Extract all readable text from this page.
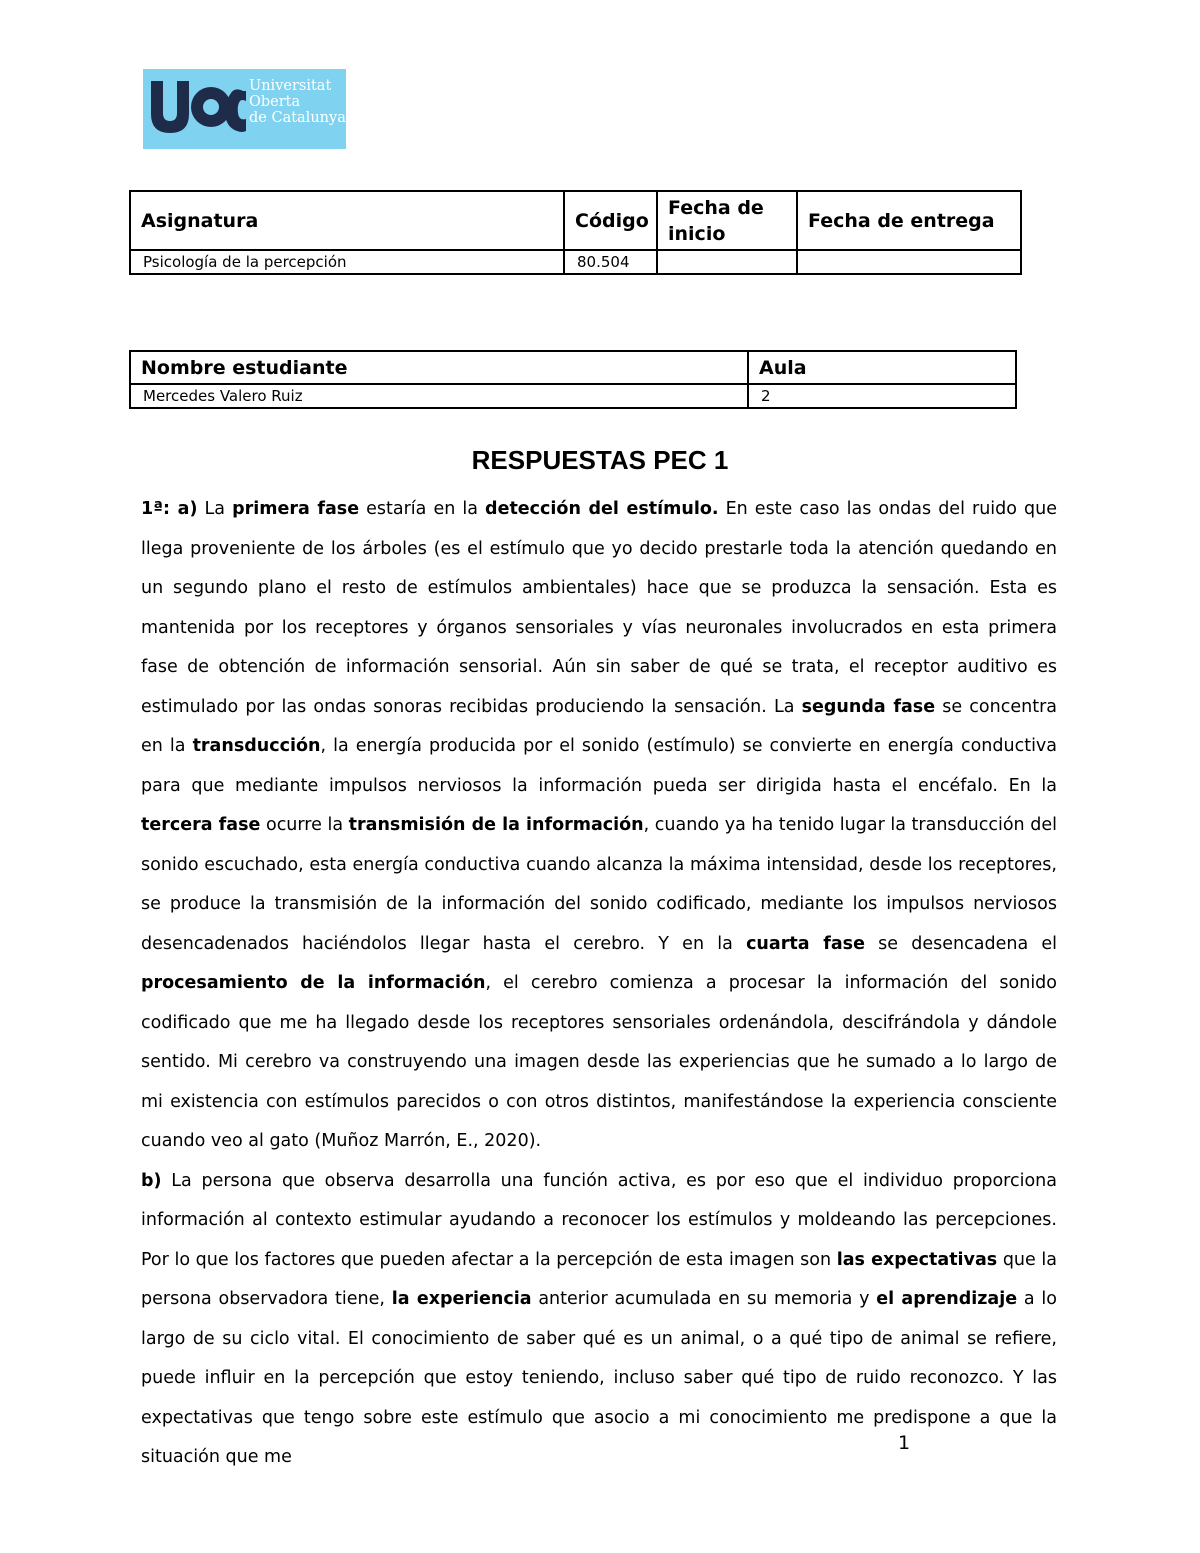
Universitat
Oberta
de Catalunya
Asignatura	Código	Fecha de inicio	Fecha de entrega
Psicología de la percepción	80.504		
Nombre estudiante	Aula
Mercedes Valero Ruiz	2
RESPUESTAS PEC 1

1ª: a) La primera fase estaría en la detección del estímulo. En este caso las ondas del ruido que llega proveniente de los árboles (es el estímulo que yo decido prestarle toda la atención quedando en un segundo plano el resto de estímulos ambientales) hace que se produzca la sensación. Esta es mantenida por los receptores y órganos sensoriales y vías neuronales involucrados en esta primera fase de obtención de información sensorial. Aún sin saber de qué se trata, el receptor auditivo es estimulado por las ondas sonoras recibidas produciendo la sensación. La segunda fase se concentra en la transducción, la energía producida por el sonido (estímulo) se convierte en energía conductiva para que mediante impulsos nerviosos la información pueda ser dirigida hasta el encéfalo. En la tercera fase ocurre la transmisión de la información, cuando ya ha tenido lugar la transducción del sonido escuchado, esta energía conductiva cuando alcanza la máxima intensidad, desde los receptores, se produce la transmisión de la información del sonido codificado, mediante los impulsos nerviosos desencadenados haciéndolos llegar hasta el cerebro. Y en la cuarta fase se desencadena el procesamiento de la información, el cerebro comienza a procesar la información del sonido codificado que me ha llegado desde los receptores sensoriales ordenándola, descifrándola y dándole sentido. Mi cerebro va construyendo una imagen desde las experiencias que he sumado a lo largo de mi existencia con estímulos parecidos o con otros distintos, manifestándose la experiencia consciente cuando veo al gato (Muñoz Marrón, E., 2020).

b) La persona que observa desarrolla una función activa, es por eso que el individuo proporciona información al contexto estimular ayudando a reconocer los estímulos y moldeando las percepciones. Por lo que los factores que pueden afectar a la percepción de esta imagen son las expectativas que la persona observadora tiene, la experiencia anterior acumulada en su memoria y el aprendizaje a lo largo de su ciclo vital. El conocimiento de saber qué es un animal, o a qué tipo de animal se refiere, puede influir en la percepción que estoy teniendo, incluso saber qué tipo de ruido reconozco. Y las expectativas que tengo sobre este estímulo que asocio a mi conocimiento me predispone a que la situación que me

1
